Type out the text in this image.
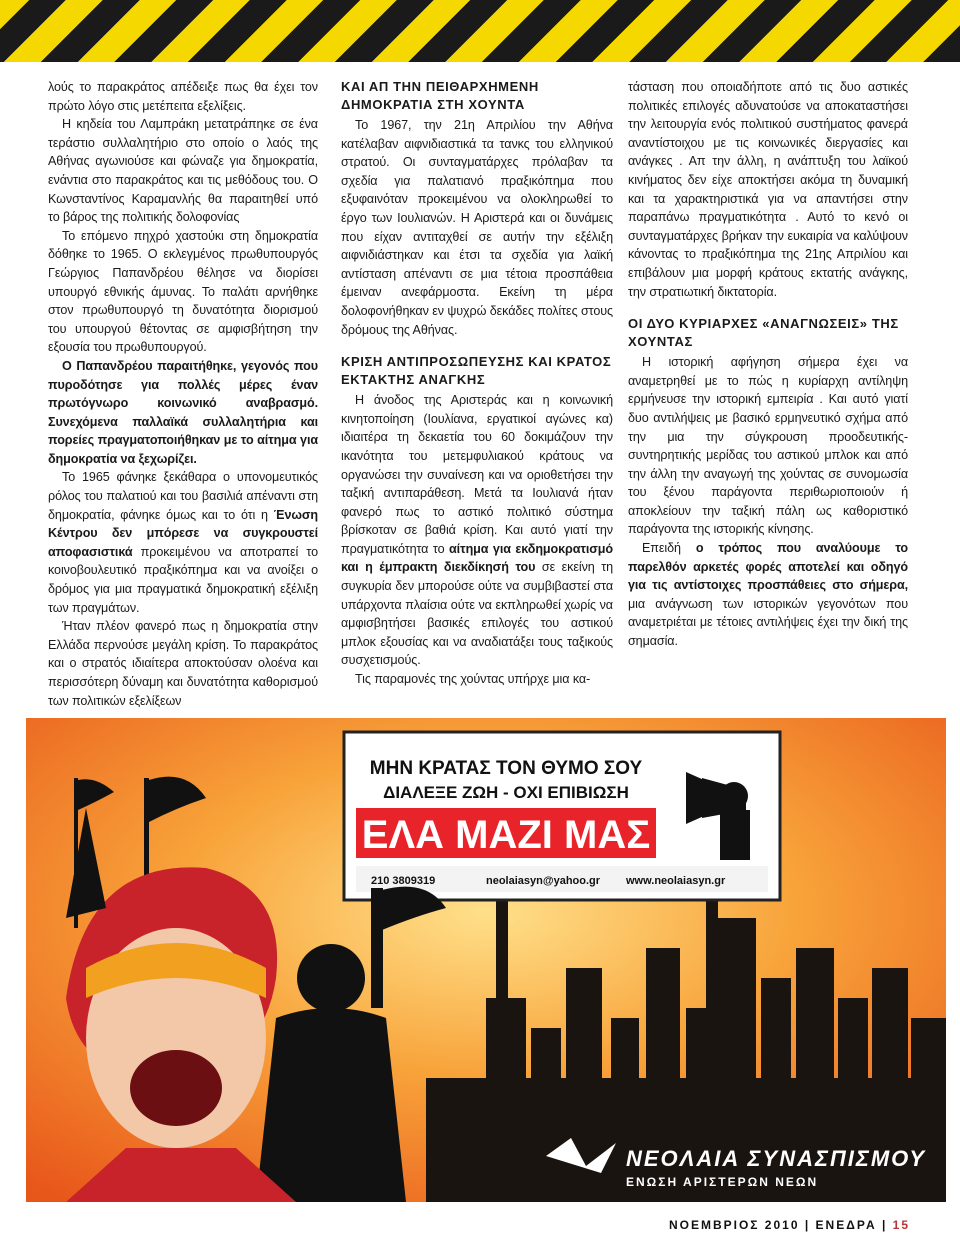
λούς το παρακράτος απέδειξε πως θα έχει τον πρώτο λόγο στις μετέπειτα εξελίξεις.

Η κηδεία του Λαμπράκη μετατράπηκε σε ένα τεράστιο συλλαλητήριο στο οποίο ο λαός της Αθήνας αγωνιούσε και φώναζε για δημοκρατία, ενάντια στο παρακράτος και τις μεθόδους του. Ο Κωνσταντίνος Καραμανλής θα παραιτηθεί υπό το βάρος της πολιτικής δολοφονίας

Το επόμενο πηχρό χαστούκι στη δημοκρατία δόθηκε το 1965. Ο εκλεγμένος πρωθυπουργός Γεώργιος Παπανδρέου θέλησε να διορίσει υπουργό εθνικής άμυνας. Το παλάτι αρνήθηκε στον πρωθυπουργό τη δυνατότητα διορισμού του υπουργού θέτοντας σε αμφισβήτηση την εξουσία του πρωθυπουργού.

Ο Παπανδρέου παραιτήθηκε, γεγονός που πυροδότησε για πολλές μέρες έναν πρωτόγνωρο κοινωνικό αναβρασμό. Συνεχόμενα παλλαϊκά συλλαλητήρια και πορείες πραγματοποιήθηκαν με το αίτημα για δημοκρατία να ξεχωρίζει.

Το 1965 φάνηκε ξεκάθαρα ο υπονομευτικός ρόλος του παλατιού και του βασιλιά απέναντι στη δημοκρατία, φάνηκε όμως και το ότι η Ένωση Κέντρου δεν μπόρεσε να συγκρουστεί αποφασιστικά προκειμένου να αποτραπεί το κοινοβουλευτικό πραξικόπημα και να ανοίξει ο δρόμος για μια πραγματικά δημοκρατική εξέλιξη των πραγμάτων.

Ήταν πλέον φανερό πως η δημοκρατία στην Ελλάδα περνούσε μεγάλη κρίση. Το παρακράτος και ο στρατός ιδιαίτερα αποκτούσαν ολοένα και περισσότερη δύναμη και δυνατότητα καθορισμού των πολιτικών εξελίξεων

ΚΑΙ ΑΠ ΤΗΝ ΠΕΙΘΑΡΧΗΜΕΝΗ ΔΗΜΟΚΡΑΤΙΑ ΣΤΗ ΧΟΥΝΤΑ

Το 1967, την 21η Απριλίου την Αθήνα κατέλαβαν αιφνιδιαστικά τα τανκς του ελληνικού στρατού. Οι συνταγματάρχες πρόλαβαν τα σχεδία για παλατιανό πραξικόπημα που εξυφαινόταν προκειμένου να ολοκληρωθεί το έργο των Ιουλιανών. Η Αριστερά και οι δυνάμεις που είχαν αντιταχθεί σε αυτήν την εξέλιξη αιφνιδιάστηκαν και έτσι τα σχεδία για λαϊκή αντίσταση απέναντι σε μια τέτοια προσπάθεια έμειναν ανεφάρμοστα. Εκείνη τη μέρα δολοφονήθηκαν εν ψυχρώ δεκάδες πολίτες στους δρόμους της Αθήνας.

ΚΡΙΣΗ ΑΝΤΙΠΡΟΣΩΠΕΥΣΗΣ ΚΑΙ ΚΡΑΤΟΣ ΕΚΤΑΚΤΗΣ ΑΝΑΓΚΗΣ

Η άνοδος της Αριστεράς και η κοινωνική κινητοποίηση (Ιουλίανα, εργατικοί αγώνες κα) ιδιαιτέρα τη δεκαετία του 60 δοκιμάζουν την ικανότητα του μετεμφυλιακού κράτους να οργανώσει την συναίνεση και να οριοθετήσει την ταξική αντιπαράθεση. Μετά τα Ιουλιανά ήταν φανερό πως το αστικό πολιτικό σύστημα βρίσκοταν σε βαθιά κρίση. Και αυτό γιατί την πραγματικότητα το αίτημα για εκδημοκρατισμό και η έμπρακτη διεκδίκησή του σε εκείνη τη συγκυρία δεν μπορούσε ούτε να συμβιβαστεί στα υπάρχοντα πλαίσια ούτε να εκπληρωθεί χωρίς να αμφισβητήσει βασικές επιλογές του αστικού μπλοκ εξουσίας και να αναδιατάξει τους ταξικούς συσχετισμούς.

Τις παραμονές της χούντας υπήρχε μια κα-

τάσταση που οποιαδήποτε από τις δυο αστικές πολιτικές επιλογές αδυνατούσε να αποκαταστήσει την λειτουργία ενός πολιτικού συστήματος φανερά αναντίστοιχου με τις κοινωνικές διεργασίες και ανάγκες . Απ την άλλη, η ανάπτυξη του λαϊκού κινήματος δεν είχε αποκτήσει ακόμα τη δυναμική και τα χαρακτηριστικά για να απαντήσει στην παραπάνω πραγματικότητα . Αυτό το κενό οι συνταγματάρχες βρήκαν την ευκαιρία να καλύψουν κάνοντας το πραξικόπημα της 21ης Απριλίου και επιβάλουν μια μορφή κράτους εκτατής ανάγκης, την στρατιωτική δικτατορία.

ΟΙ ΔΥΟ ΚΥΡΙΑΡΧΕΣ «ΑΝΑΓΝΩΣΕΙΣ» ΤΗΣ ΧΟΥΝΤΑΣ

Η ιστορική αφήγηση σήμερα έχει να αναμετρηθεί με το πώς η κυρίαρχη αντίληψη ερμήνευσε την ιστορική εμπειρία . Και αυτό γιατί δυο αντιλήψεις με βασικό ερμηνευτικό σχήμα από την μια την σύγκρουση προοδευτικής- συντηρητικής μερίδας του αστικού μπλοκ και από την άλλη την αναγωγή της χούντας σε συνομωσία του ξένου παράγοντα περιθωριοποιούν ή αποκλείουν την ταξική πάλη ως καθοριστικό παράγοντα της ιστορικής κίνησης.

Επειδή ο τρόπος που αναλύουμε το παρελθόν αρκετές φορές αποτελεί και οδηγό για τις αντίστοιχες προσπάθειες στο σήμερα, μια ανάγνωση των ιστορικών γεγονότων που αναμετριέται με τέτοιες αντιλήψεις έχει την δική της σημασία.

ΜΗΝ ΚΡΑΤΑΣ ΤΟΝ ΘΥΜΟ ΣΟΥ
ΔΙΑΛΕΞΕ ΖΩΗ - ΟΧΙ ΕΠΙΒΙΩΣΗ
ΕΛΑ ΜΑΖΙ ΜΑΣ
210 3809319	neolaiasyn@yahoo.gr www.neolaiasyn.gr
ΝΕΟΛΑΙΑ ΣΥΝΑΣΠΙΣΜΟΥ
ΕΝΩΣΗ ΑΡΙΣΤΕΡΩΝ ΝΕΩΝ
ΝΟΕΜΒΡΙΟΣ 2010 | ΕΝΕΔΡΑ | 15
